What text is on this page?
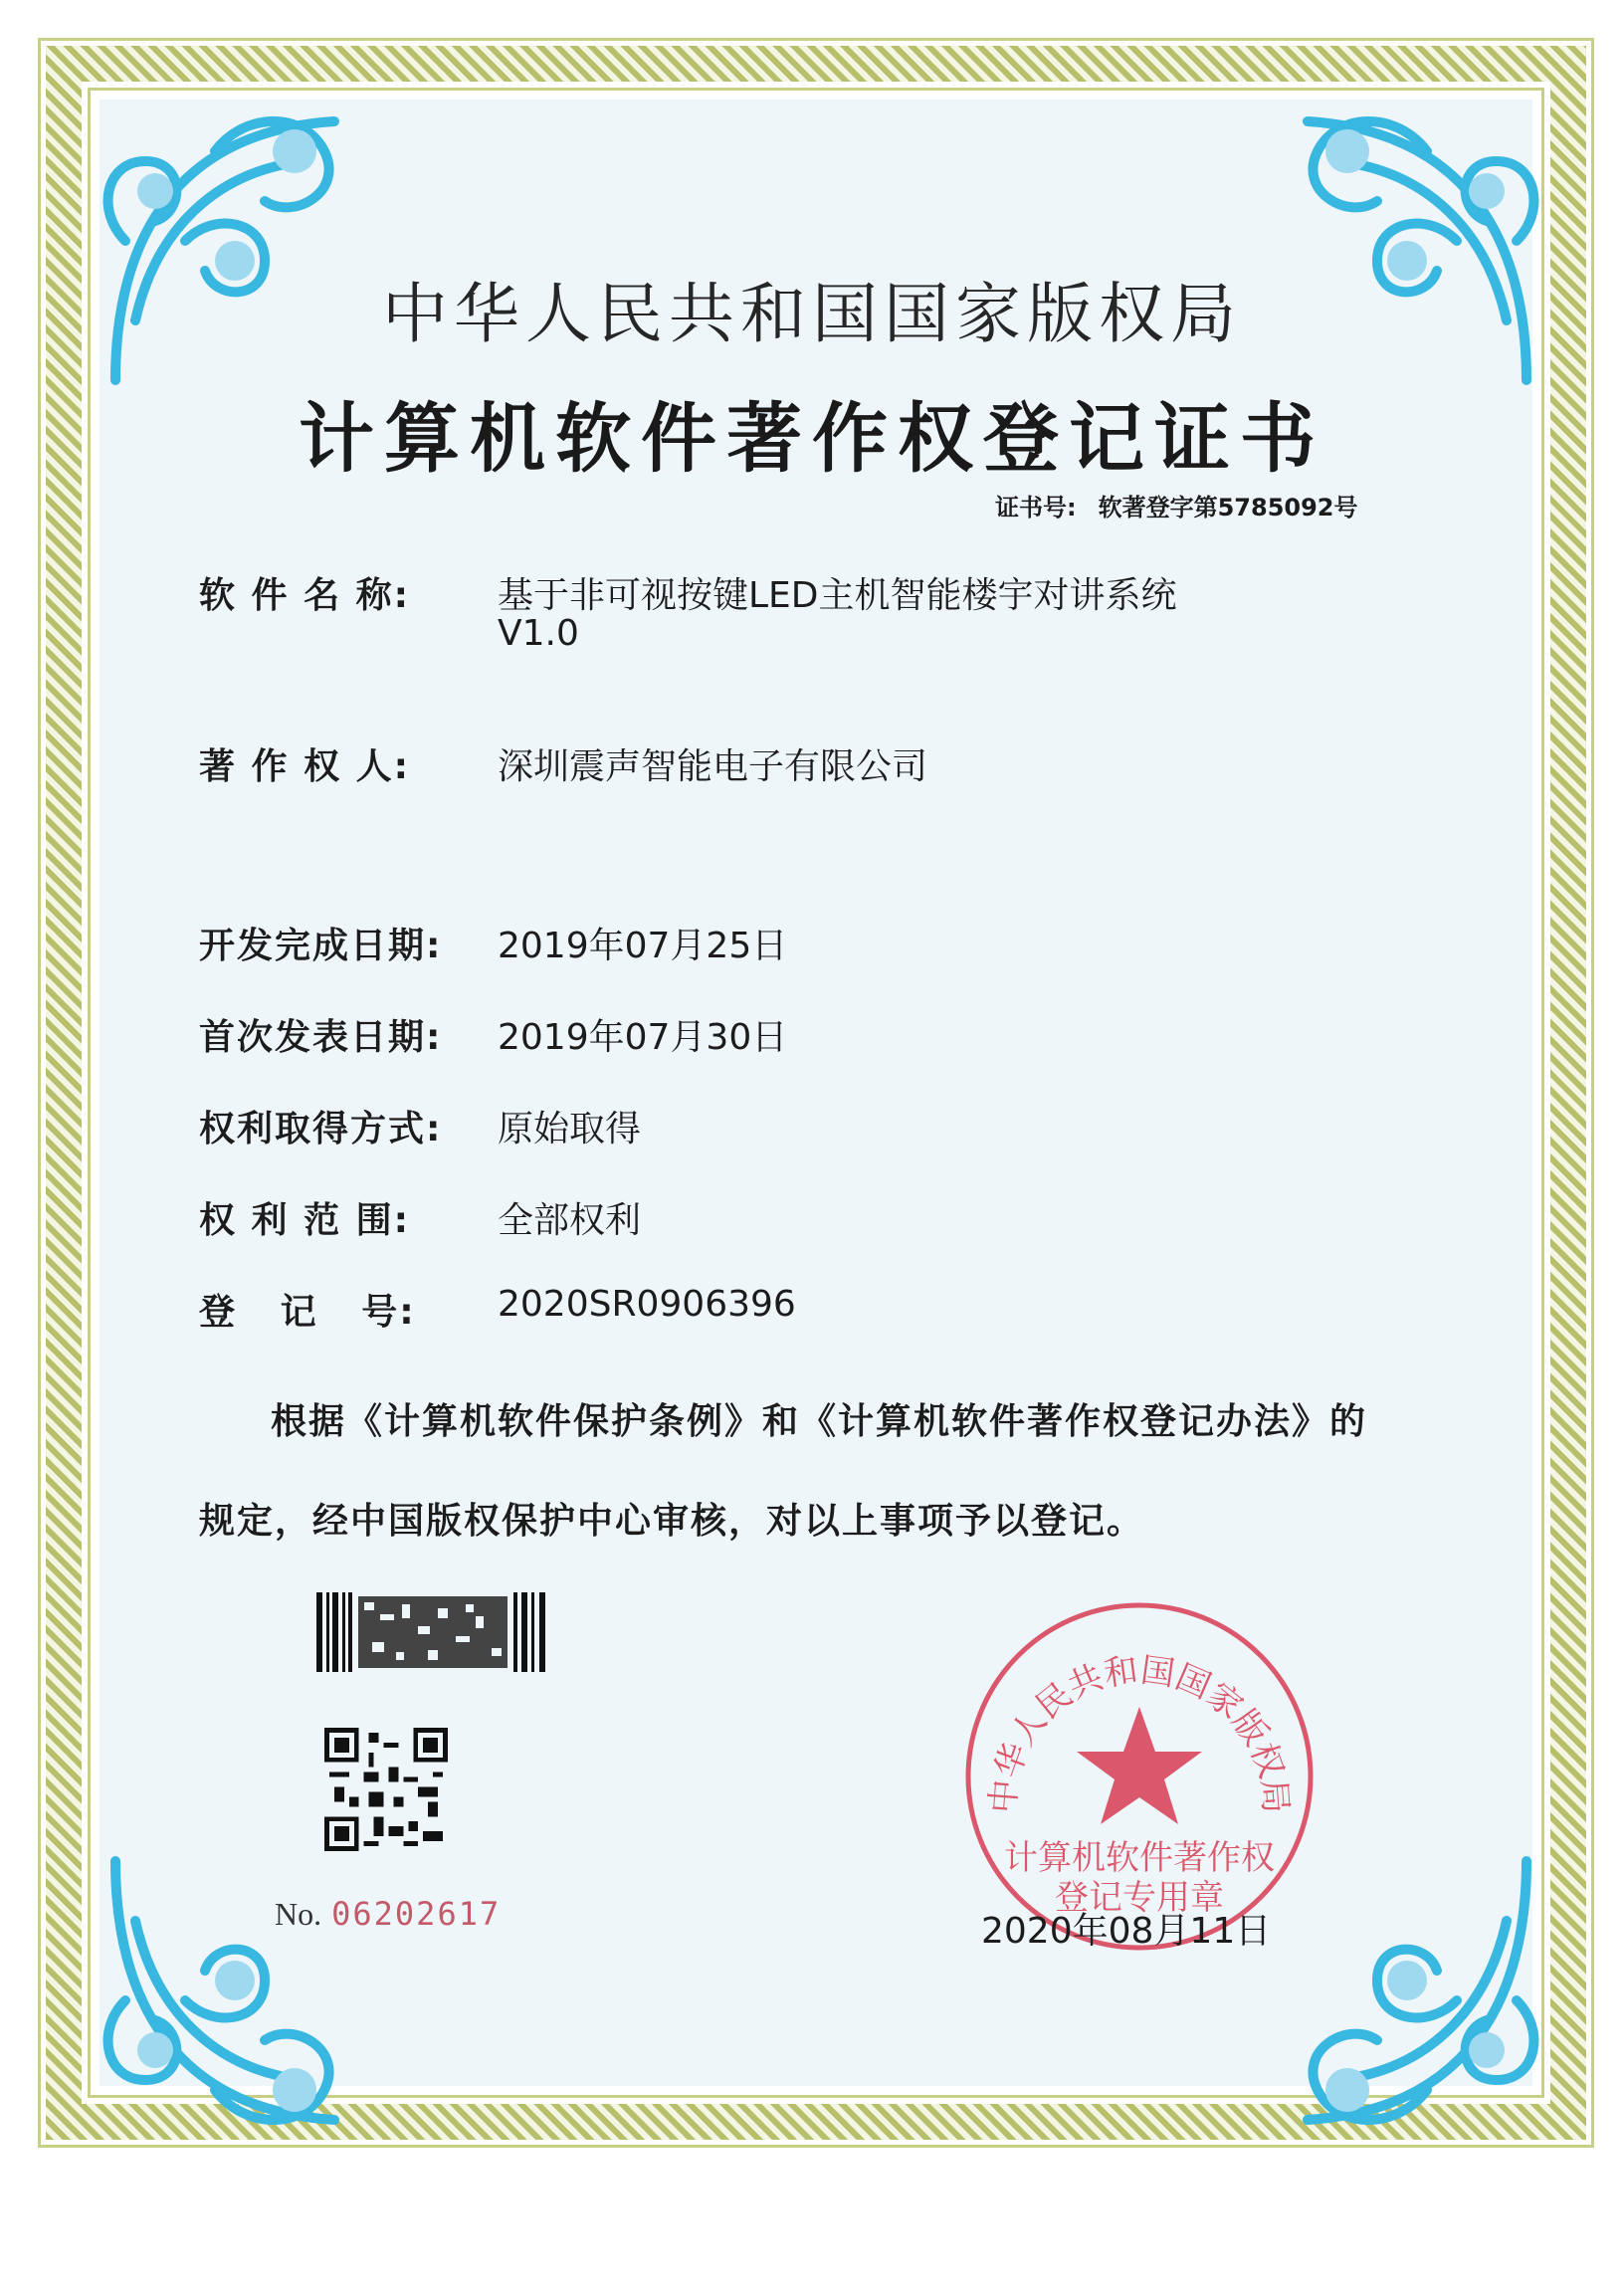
中华人民共和国国家版权局
计算机软件著作权登记证书
证书号: 软著登字第5785092号
软 件 名 称: 基于非可视按键LED主机智能楼宇对讲系统
V1.0
著 作 权 人: 深圳震声智能电子有限公司
开发完成日期: 2019年07月25日
首次发表日期: 2019年07月30日
权利取得方式: 原始取得
权 利 范 围: 全部权利
登   记   号: 2020SR0906396
根据《计算机软件保护条例》和《计算机软件著作权登记办法》的
规定，经中国版权保护中心审核，对以上事项予以登记。
No. 06202617
中华人民共和国国家版权局
计算机软件著作权
登记专用章
2020年08月11日
